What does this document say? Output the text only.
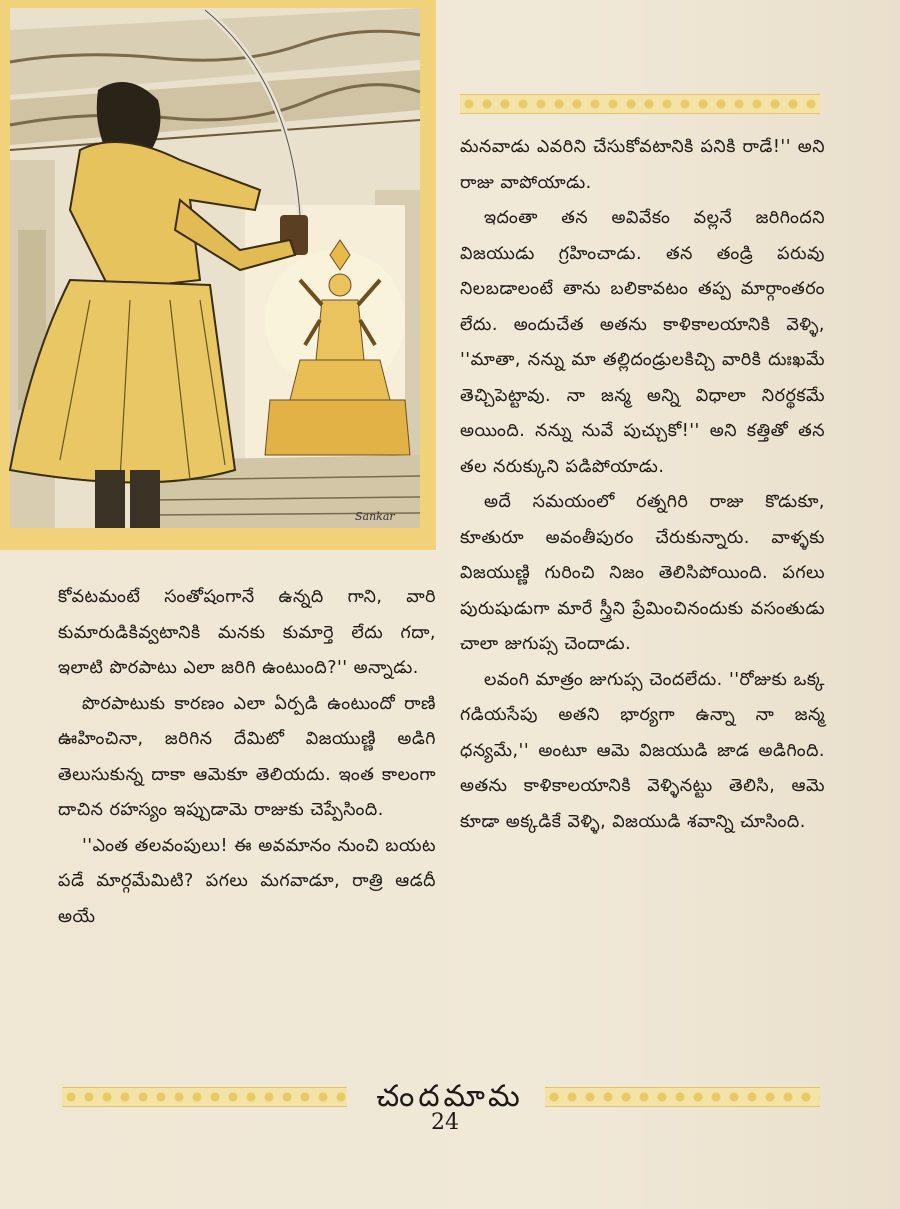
Sankar

మనవాడు ఎవరిని చేసుకోవటానికి పనికి రాడే!'' అని రాజు వాపోయాడు.

ఇదంతా తన అవివేకం వల్లనే జరిగిందని విజయుడు గ్రహించాడు. తన తండ్రి పరువు నిలబడాలంటే తాను బలికావటం తప్ప మార్గాంతరం లేదు. అందుచేత అతను కాళికాలయానికి వెళ్ళి, ''మాతా, నన్ను మా తల్లిదండ్రులకిచ్చి వారికి దుఃఖమే తెచ్చిపెట్టావు. నా జన్మ అన్ని విధాలా నిరర్థకమే అయింది. నన్ను నువే పుచ్చుకో!'' అని కత్తితో తన తల నరుక్కుని పడిపోయాడు.

అదే సమయంలో రత్నగిరి రాజు కొడుకూ, కూతురూ అవంతీపురం చేరుకున్నారు. వాళ్ళకు విజయుణ్ణి గురించి నిజం తెలిసిపోయింది. పగలు పురుషుడుగా మారే స్త్రీని ప్రేమించినందుకు వసంతుడు చాలా జుగుప్స చెందాడు.

లవంగి మాత్రం జుగుప్స చెందలేదు. ''రోజుకు ఒక్క గడియసేపు అతని భార్యగా ఉన్నా నా జన్మ ధన్యమే,'' అంటూ ఆమె విజయుడి జాడ అడిగింది. అతను కాళికాలయానికి వెళ్ళినట్టు తెలిసి, ఆమె కూడా అక్కడికే వెళ్ళి, విజయుడి శవాన్ని చూసింది.

కోవటమంటే సంతోషంగానే ఉన్నది గాని, వారి కుమారుడికివ్వటానికి మనకు కుమార్తె లేదు గదా, ఇలాటి పొరపాటు ఎలా జరిగి ఉంటుంది?'' అన్నాడు.

పొరపాటుకు కారణం ఎలా ఏర్పడి ఉంటుందో రాణి ఊహించినా, జరిగిన దేమిటో విజయుణ్ణి అడిగి తెలుసుకున్న దాకా ఆమెకూ తెలియదు. ఇంత కాలంగా దాచిన రహస్యం ఇప్పుడామె రాజుకు చెప్పేసింది.

''ఎంత తలవంపులు! ఈ అవమానం నుంచి బయట పడే మార్గమేమిటి? పగలు మగవాడూ, రాత్రి ఆడదీ అయే

చందమామ
24
